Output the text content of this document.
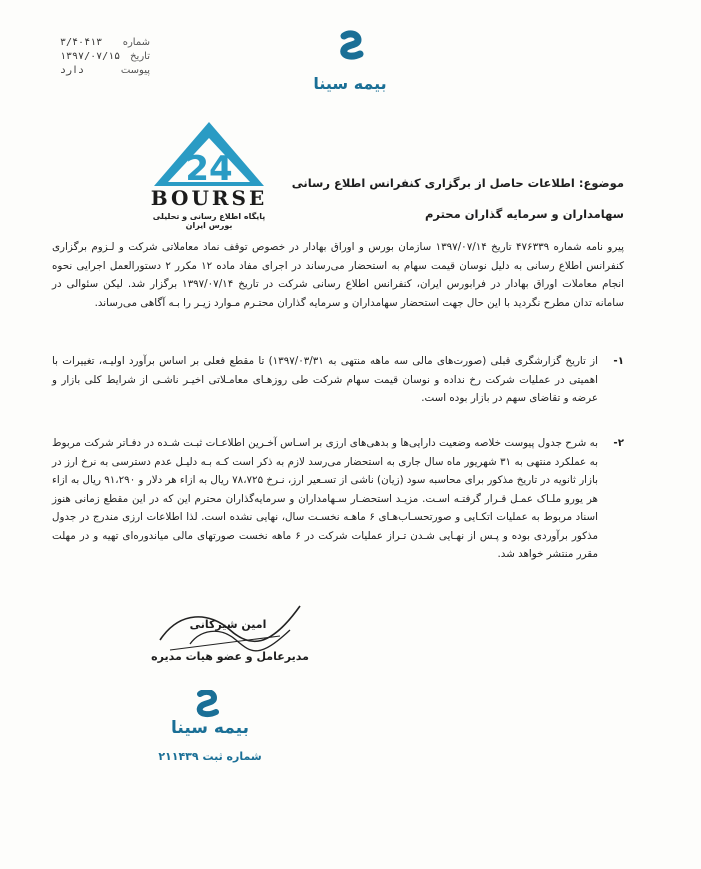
شماره
۳/۴۰۴۱۳
تاریخ
۱۳۹۷/۰۷/۱۵
پیوست
دارد
بیمه سینا
24
BOURSE
پایگاه اطلاع رسانی و تحلیلی بورس ایران
موضوع: اطلاعات حاصل از برگزاری کنفرانس اطلاع رسانی
سهامداران و سرمایه گذاران محترم
پیرو نامه شماره ۴۷۶۳۳۹ تاریخ ۱۳۹۷/۰۷/۱۴ سازمان بورس و اوراق بهادار در خصوص توقف نماد معاملاتی شرکت و لـزوم برگزاری کنفرانس اطلاع رسانی به دلیل نوسان قیمت سهام به استحضار می‌رساند در اجرای مفاد ماده ۱۲ مکرر ۲ دستورالعمل اجرایی نحوه انجام معاملات اوراق بهادار در فرابورس ایران، کنفرانس اطلاع رسانی شرکت در تاریخ ۱۳۹۷/۰۷/۱۴ برگزار شد. لیکن سئوالی در سامانه تدان مطرح نگردید با این حال جهت استحضار سهامداران و سرمایه گذاران محتـرم مـوارد زیـر را بـه آگاهی می‌رساند.
۱-
از تاریخ گزارشگری قبلی (صورت‌های مالی سه ماهه منتهی به ۱۳۹۷/۰۳/۳۱) تا مقطع فعلی بر اساس برآورد اولیـه، تغییرات با اهمیتی در عملیات شرکت رخ نداده و نوسان قیمت سهام شرکت طی روزهـای معامـلاتی اخیـر ناشـی از شرایط کلی بازار و عرضه و تقاضای سهم در بازار بوده است.
۲-
به شرح جدول پیوست خلاصه وضعیت دارایی‌ها و بدهی‌های ارزی بر اسـاس آخـرین اطلاعـات ثبـت شـده در دفـاتر شرکت مربوط به عملکرد منتهی به ۳۱ شهریور ماه سال جاری به استحضار می‌رسد لازم به ذکر است کـه بـه دلیـل عدم دسترسی به نرخ ارز در بازار ثانویه در تاریخ مذکور برای محاسبه سود (زیان) ناشی از تسـعیر ارز، نـرخ ۷۸،۷۲۵ ریال به ازاء هر دلار و ۹۱،۲۹۰ ریال به ازاء هر یورو ملـاک عمـل قـرار گرفتـه اسـت. مزیـد استحضـار سـهامداران و سرمایه‌گذاران محترم این که در این مقطع زمانی هنوز اسناد مربوط به عملیات اتکـایی و صورتحسـاب‌هـای ۶ ماهـه نخسـت سال، نهایی نشده است. لذا اطلاعات ارزی مندرج در جدول مذکور برآوردی بوده و پـس از نهـایی شـدن تـراز عملیات شرکت در ۶ ماهه نخست صورتهای مالی میاندوره‌ای تهیه و در مهلت مقرر منتشر خواهد شد.
امین شیرکانی
مدیرعامل و عضو هیات مدیره
بیمه سینا
شماره ثبت ۲۱۱۴۳۹
